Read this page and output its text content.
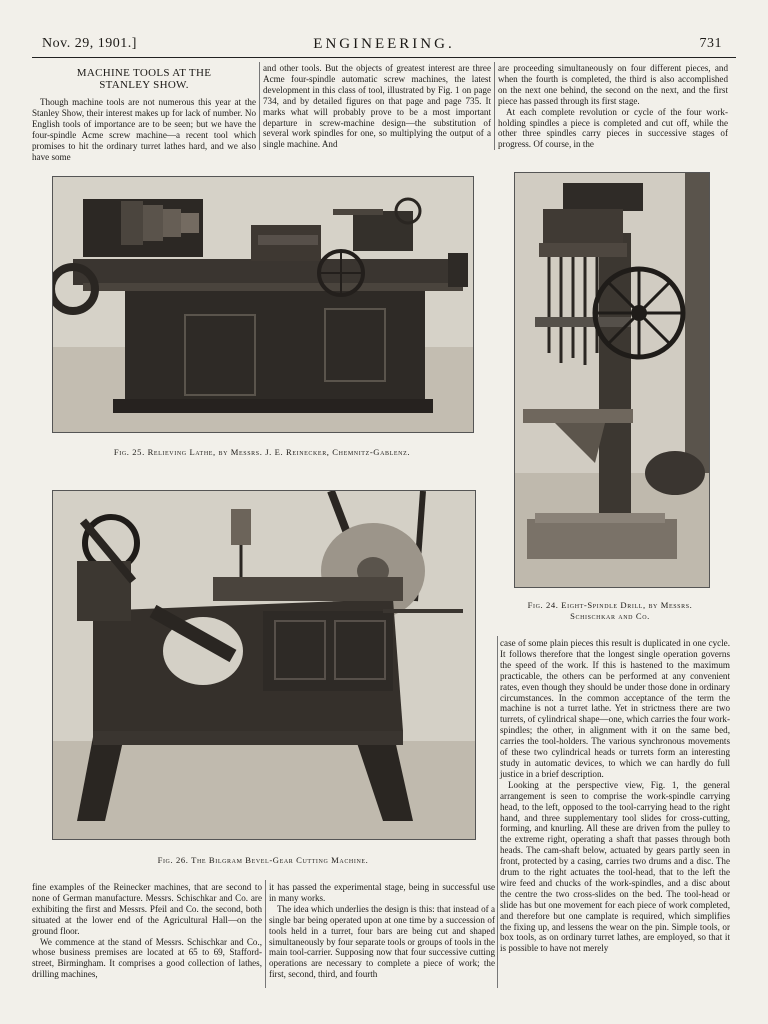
Nov. 29, 1901.]	ENGINEERING.	731

MACHINE TOOLS AT THE

STANLEY SHOW.

Though machine tools are not numerous this year at the Stanley Show, their interest makes up for lack of number. No English tools of importance are to be seen; but we have the four-spindle Acme screw machine—a recent tool which promises to hit the ordinary turret lathes hard, and we also have some

and other tools. But the objects of greatest interest are three Acme four-spindle automatic screw machines, the latest development in this class of tool, illustrated by Fig. 1 on page 734, and by detailed figures on that page and page 735. It marks what will probably prove to be a most important departure in screw-machine design—the substitution of several work spindles for one, so multiplying the output of a single machine. And

are proceeding simultaneously on four different pieces, and when the fourth is completed, the third is also accomplished on the next one behind, the second on the next, and the first piece has passed through its first stage.

At each complete revolution or cycle of the four work-holding spindles a piece is completed and cut off, while the other three spindles carry pieces in successive stages of progress. Of course, in the

Fig. 25. Relieving Lathe, by Messrs. J. E. Reinecker, Chemnitz-Gablenz.
Fig. 24. Eight-Spindle Drill, by Messrs.
Schischkar and Co.
Fig. 26. The Bilgram Bevel-Gear Cutting Machine.

case of some plain pieces this result is duplicated in one cycle. It follows therefore that the longest single operation governs the speed of the work. If this is hastened to the maximum practicable, the others can be performed at any convenient rates, even though they should be under those done in ordinary circumstances. In the common acceptance of the term the machine is not a turret lathe. Yet in strictness there are two turrets, of cylindrical shape—one, which carries the four work-spindles; the other, in alignment with it on the same bed, carries the tool-holders. The various synchronous movements of these two cylindrical heads or turrets form an interesting study in automatic devices, to which we can hardly do full justice in a brief description.

Looking at the perspective view, Fig. 1, the general arrangement is seen to comprise the work-spindle carrying head, to the left, opposed to the tool-carrying head to the right hand, and three supplementary tool slides for cross-cutting, forming, and knurling. All these are driven from the pulley to the extreme right, operating a shaft that passes through both heads. The cam-shaft below, actuated by gears partly seen in front, protected by a casing, carries two drums and a disc. The drum to the right actuates the tool-head, that to the left the wire feed and chucks of the work-spindles, and a disc about the centre the two cross-slides on the bed. The tool-head or slide has but one movement for each piece of work completed, and therefore but one camplate is required, which simplifies the fixing up, and lessens the wear on the pin. Simple tools, or box tools, as on ordinary turret lathes, are employed, so that it is possible to have not merely

fine examples of the Reinecker machines, that are second to none of German manufacture. Messrs. Schischkar and Co. are exhibiting the first and Messrs. Pfeil and Co. the second, both situated at the lower end of the Agricultural Hall—on the ground floor.

We commence at the stand of Messrs. Schischkar and Co., whose business premises are located at 65 to 69, Stafford-street, Birmingham. It comprises a good collection of lathes, drilling machines,

it has passed the experimental stage, being in successful use in many works.

The idea which underlies the design is this: that instead of a single bar being operated upon at one time by a succession of tools held in a turret, four bars are being cut and shaped simultaneously by four separate tools or groups of tools in the main tool-carrier. Supposing now that four successive cutting operations are necessary to complete a piece of work; the first, second, third, and fourth
